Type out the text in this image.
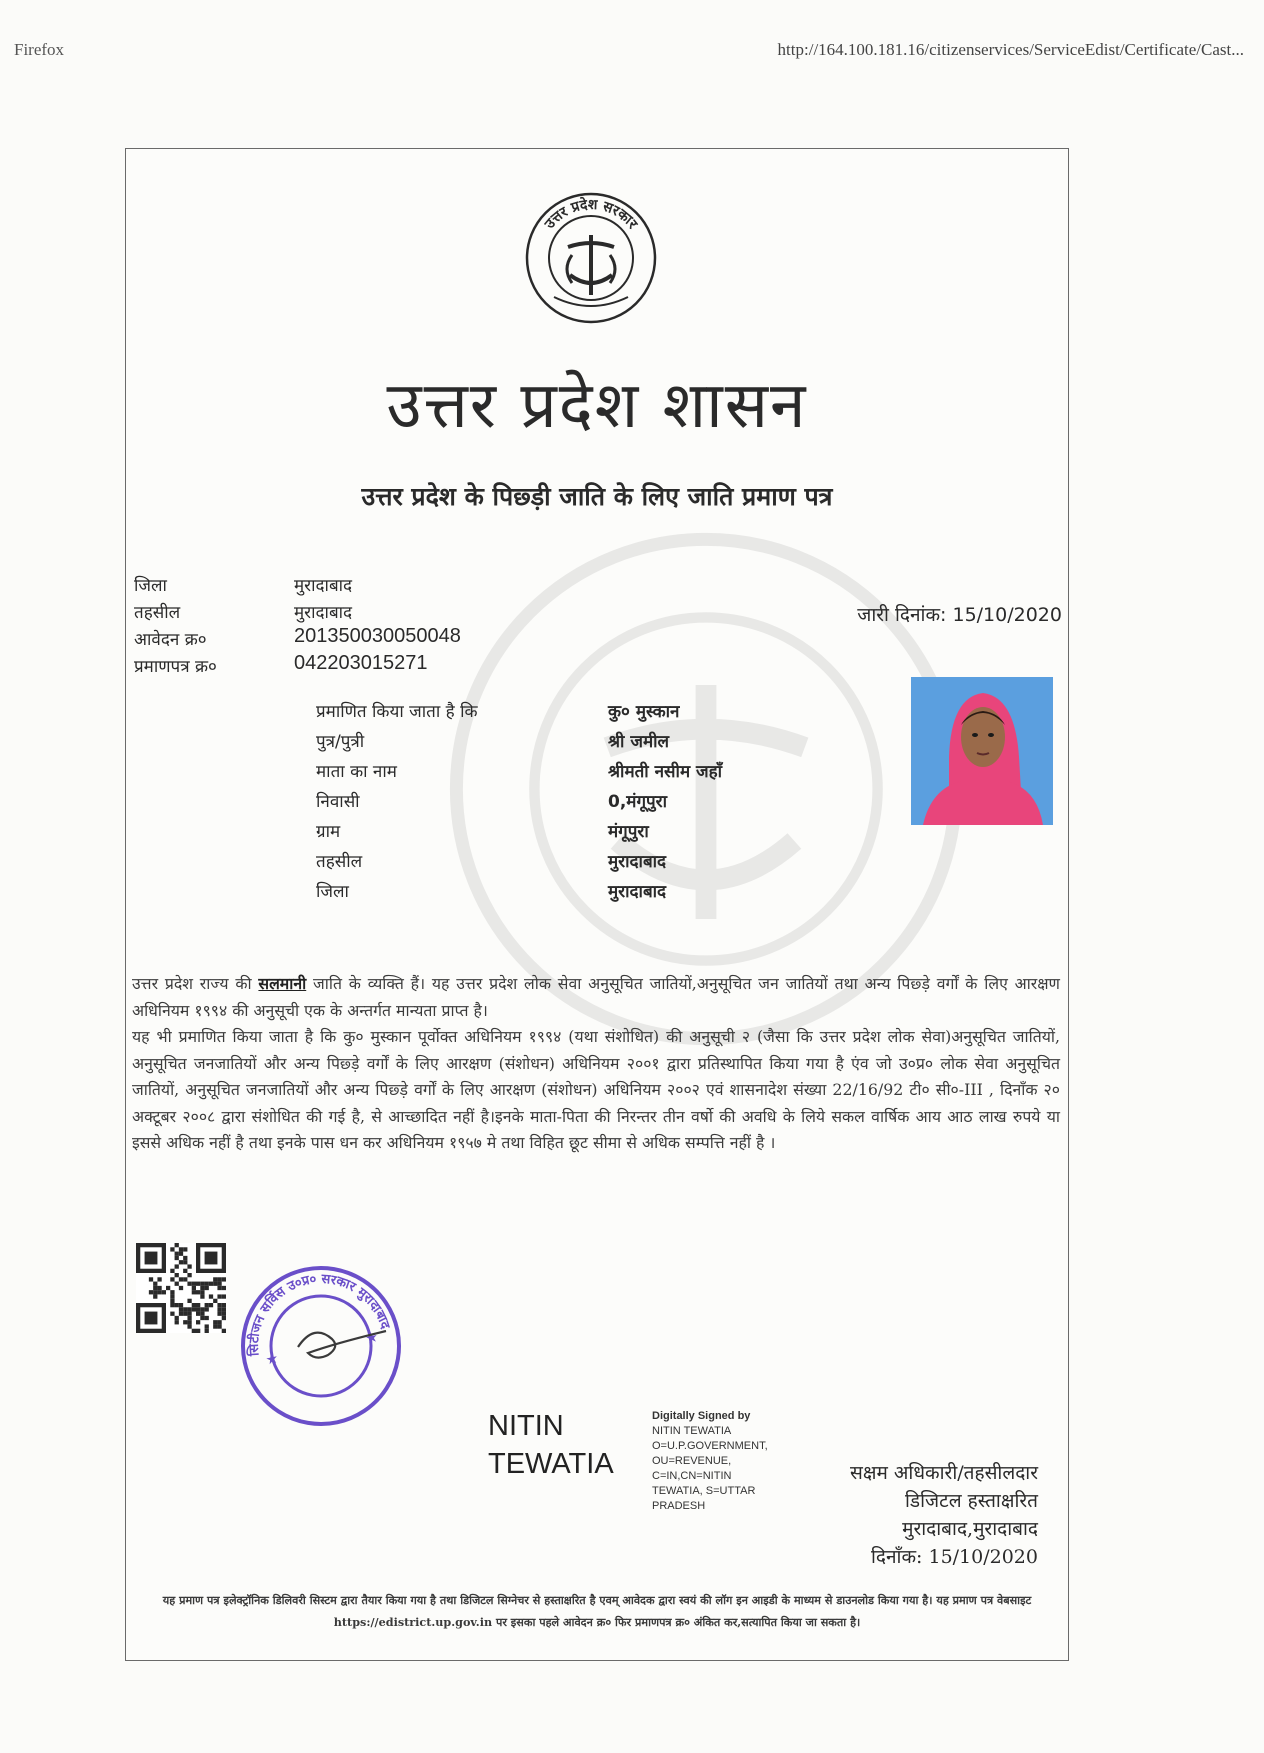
Firefox	http://164.100.181.16/citizenservices/ServiceEdist/Certificate/Cast...
उत्तर प्रदेश सरकार
उत्तर प्रदेश शासन
उत्तर प्रदेश के पिछ्ड़ी जाति के लिए जाति प्रमाण पत्र
जिला	मुरादाबाद
तहसील	मुरादाबाद
आवेदन क्र०	201350030050048
प्रमाणपत्र क्र०	042203015271
जारी दिनांक: 15/10/2020
प्रमाणित किया जाता है कि	कु० मुस्कान
पुत्र/पुत्री	श्री जमील
माता का नाम	श्रीमती नसीम जहाँ
निवासी	0,मंगूपुरा
ग्राम	मंगूपुरा
तहसील	मुरादाबाद
जिला	मुरादाबाद

उत्तर प्रदेश राज्य की सलमानी जाति के व्यक्ति हैं। यह उत्तर प्रदेश लोक सेवा अनुसूचित जातियों,अनुसूचित जन जातियों तथा अन्य पिछ्ड़े वर्गों के लिए आरक्षण अधिनियम १९९४ की अनुसूची एक के अन्तर्गत मान्यता प्राप्त है।

यह भी प्रमाणित किया जाता है कि कु० मुस्कान पूर्वोक्त अधिनियम १९९४ (यथा संशोधित) की अनुसूची २ (जैसा कि उत्तर प्रदेश लोक सेवा)अनुसूचित जातियों, अनुसूचित जनजातियों और अन्य पिछ्ड़े वर्गों के लिए आरक्षण (संशोधन) अधिनियम २००१ द्वारा प्रतिस्थापित किया गया है एंव जो उ०प्र० लोक सेवा अनुसूचित जातियों, अनुसूचित जनजातियों और अन्य पिछ्ड़े वर्गों के लिए आरक्षण (संशोधन) अधिनियम २००२ एवं शासनादेश संख्या 22/16/92 टी० सी०-III , दिनाँक २० अक्टूबर २००८ द्वारा संशोधित की गई है, से आच्छादित नहीं है।इनके माता-पिता की निरन्तर तीन वर्षो की अवधि के लिये सकल वार्षिक आय आठ लाख रुपये या इससे अधिक नहीं है तथा इनके पास धन कर अधिनियम १९५७ मे तथा विहित छूट सीमा से अधिक सम्पत्ति नहीं है ।

सिटीजन सर्विस उ०प्र० सरकार मुरादाबाद
★
★
NITIN
TEWATIA
Digitally Signed by
NITIN TEWATIA
O=U.P.GOVERNMENT,
OU=REVENUE,
C=IN,CN=NITIN
TEWATIA, S=UTTAR
PRADESH
सक्षम अधिकारी/तहसीलदार
डिजिटल हस्ताक्षरित
मुरादाबाद,मुरादाबाद
दिनाँक: 15/10/2020
यह प्रमाण पत्र इलेक्ट्रॉनिक डिलिवरी सिस्टम द्वारा तैयार किया गया है तथा डिजिटल सिग्नेचर से हस्ताक्षरित है एवम् आवेदक द्वारा स्वयं की लॉग इन आइडी के माध्यम से डाउनलोड किया गया है। यह प्रमाण पत्र वेबसाइट https://edistrict.up.gov.in पर इसका पहले आवेदन क्र० फिर प्रमाणपत्र क्र० अंकित कर,सत्यापित किया जा सकता है।
